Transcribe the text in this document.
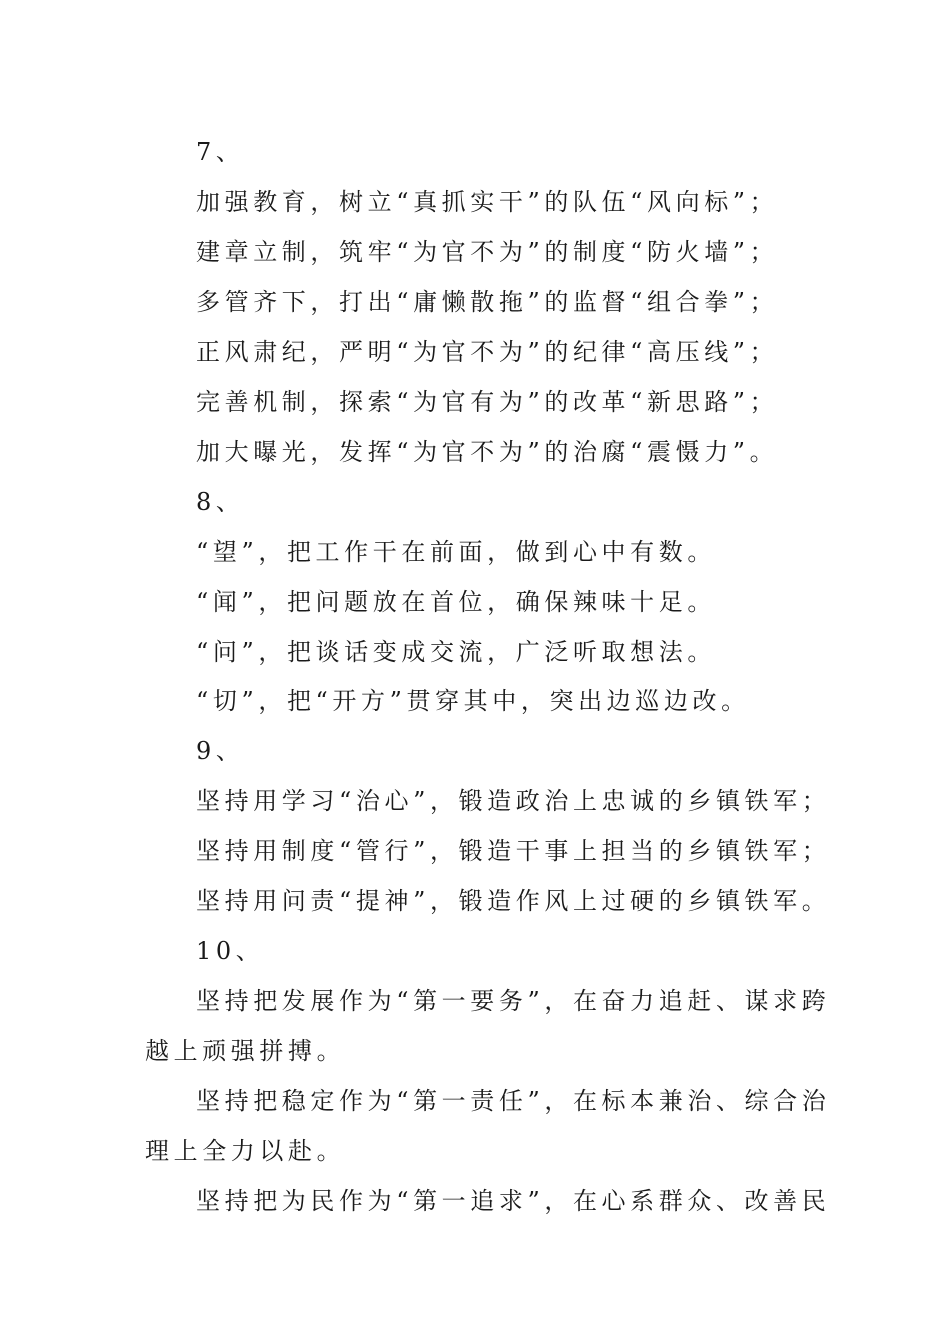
7、
加强教育，树立“真抓实干”的队伍“风向标”；
建章立制，筑牢“为官不为”的制度“防火墙”；
多管齐下，打出“庸懒散拖”的监督“组合拳”；
正风肃纪，严明“为官不为”的纪律“高压线”；
完善机制，探索“为官有为”的改革“新思路”；
加大曝光，发挥“为官不为”的治腐“震慑力”。
8、
“望”，把工作干在前面，做到心中有数。
“闻”，把问题放在首位，确保辣味十足。
“问”，把谈话变成交流，广泛听取想法。
“切”，把“开方”贯穿其中，突出边巡边改。
9、
坚持用学习“治心”，锻造政治上忠诚的乡镇铁军；
坚持用制度“管行”，锻造干事上担当的乡镇铁军；
坚持用问责“提神”，锻造作风上过硬的乡镇铁军。
10、
坚持把发展作为“第一要务”，在奋力追赶、谋求跨
越上顽强拼搏。
坚持把稳定作为“第一责任”，在标本兼治、综合治
理上全力以赴。
坚持把为民作为“第一追求”，在心系群众、改善民
